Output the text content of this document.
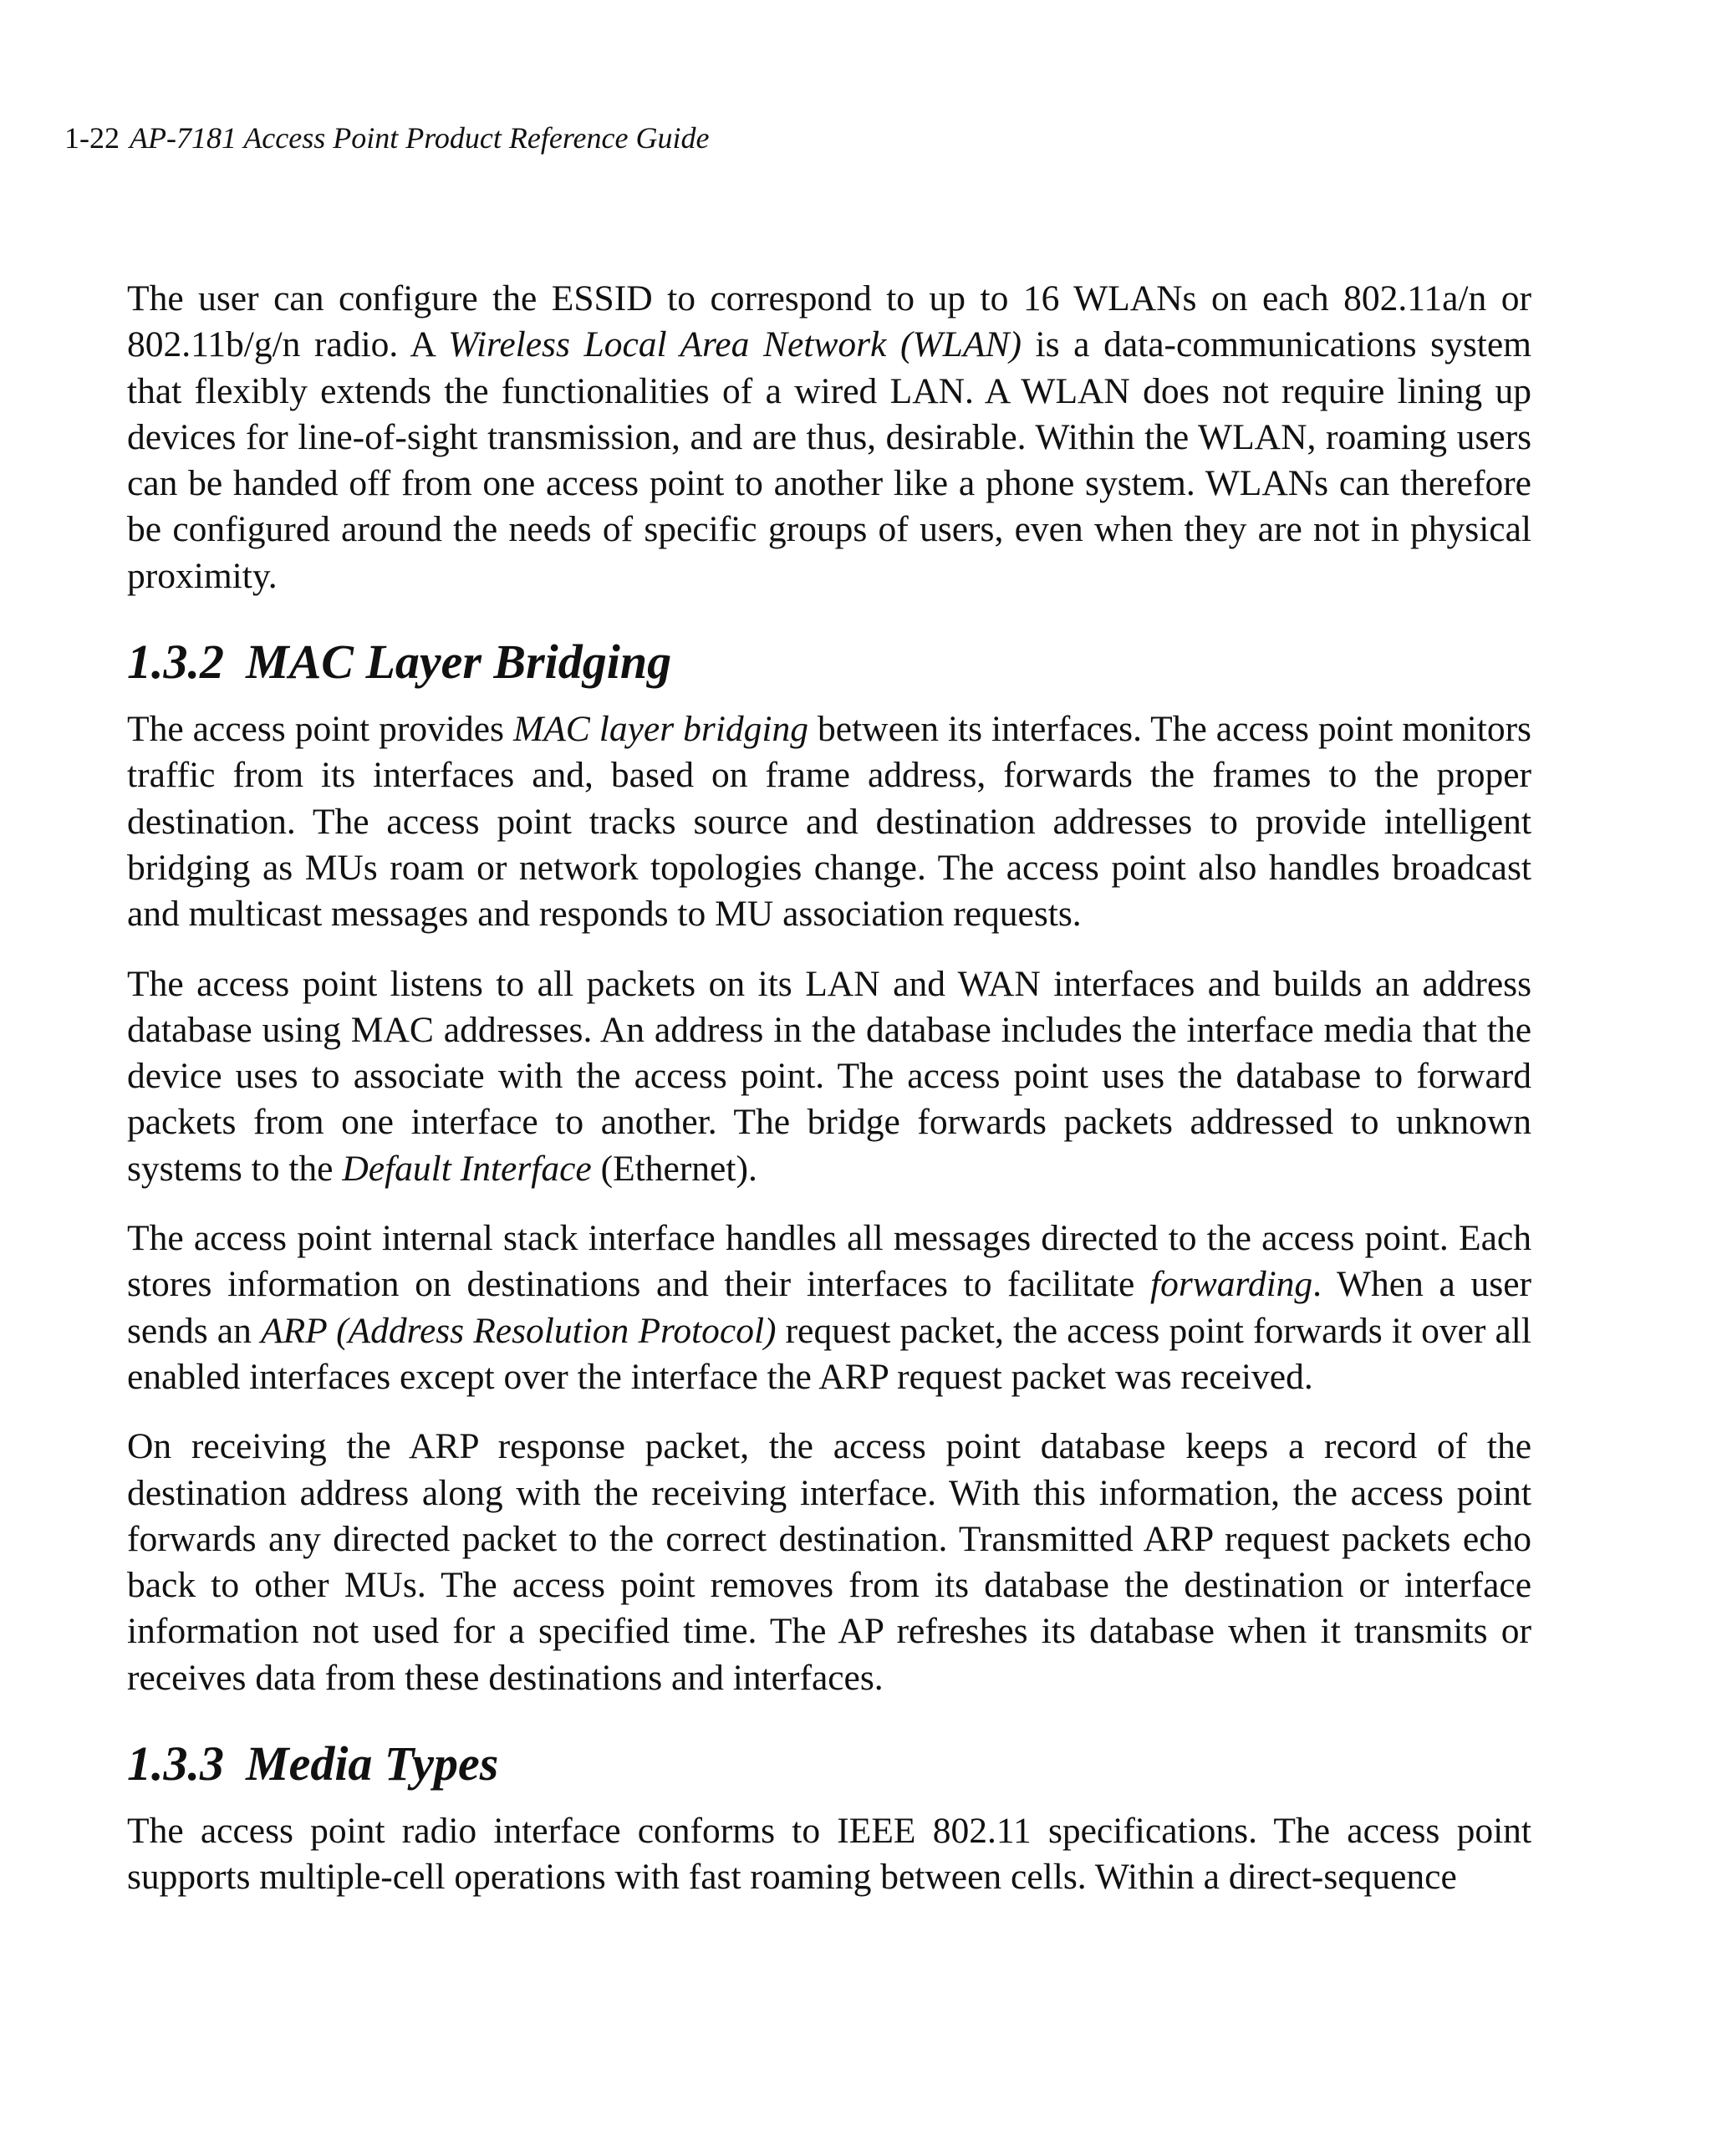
1-22 AP-7181 Access Point Product Reference Guide

The user can configure the ESSID to correspond to up to 16 WLANs on each 802.11a/n or 802.11b/g/n radio. A Wireless Local Area Network (WLAN) is a data-communications system that flexibly extends the functionalities of a wired LAN. A WLAN does not require lining up devices for line-of-sight transmission, and are thus, desirable. Within the WLAN, roaming users can be handed off from one access point to another like a phone system. WLANs can therefore be configured around the needs of specific groups of users, even when they are not in physical proximity.

1.3.2 MAC Layer Bridging

The access point provides MAC layer bridging between its interfaces. The access point monitors traffic from its interfaces and, based on frame address, forwards the frames to the proper destination. The access point tracks source and destination addresses to provide intelligent bridging as MUs roam or network topologies change. The access point also handles broadcast and multicast messages and responds to MU association requests.

The access point listens to all packets on its LAN and WAN interfaces and builds an address database using MAC addresses. An address in the database includes the interface media that the device uses to associate with the access point. The access point uses the database to forward packets from one interface to another. The bridge forwards packets addressed to unknown systems to the Default Interface (Ethernet).

The access point internal stack interface handles all messages directed to the access point. Each stores information on destinations and their interfaces to facilitate forwarding. When a user sends an ARP (Address Resolution Protocol) request packet, the access point forwards it over all enabled interfaces except over the interface the ARP request packet was received.

On receiving the ARP response packet, the access point database keeps a record of the destination address along with the receiving interface. With this information, the access point forwards any directed packet to the correct destination. Transmitted ARP request packets echo back to other MUs. The access point removes from its database the destination or interface information not used for a specified time. The AP refreshes its database when it transmits or receives data from these destinations and interfaces.

1.3.3 Media Types

The access point radio interface conforms to IEEE 802.11 specifications. The access point supports multiple-cell operations with fast roaming between cells. Within a direct-sequence
